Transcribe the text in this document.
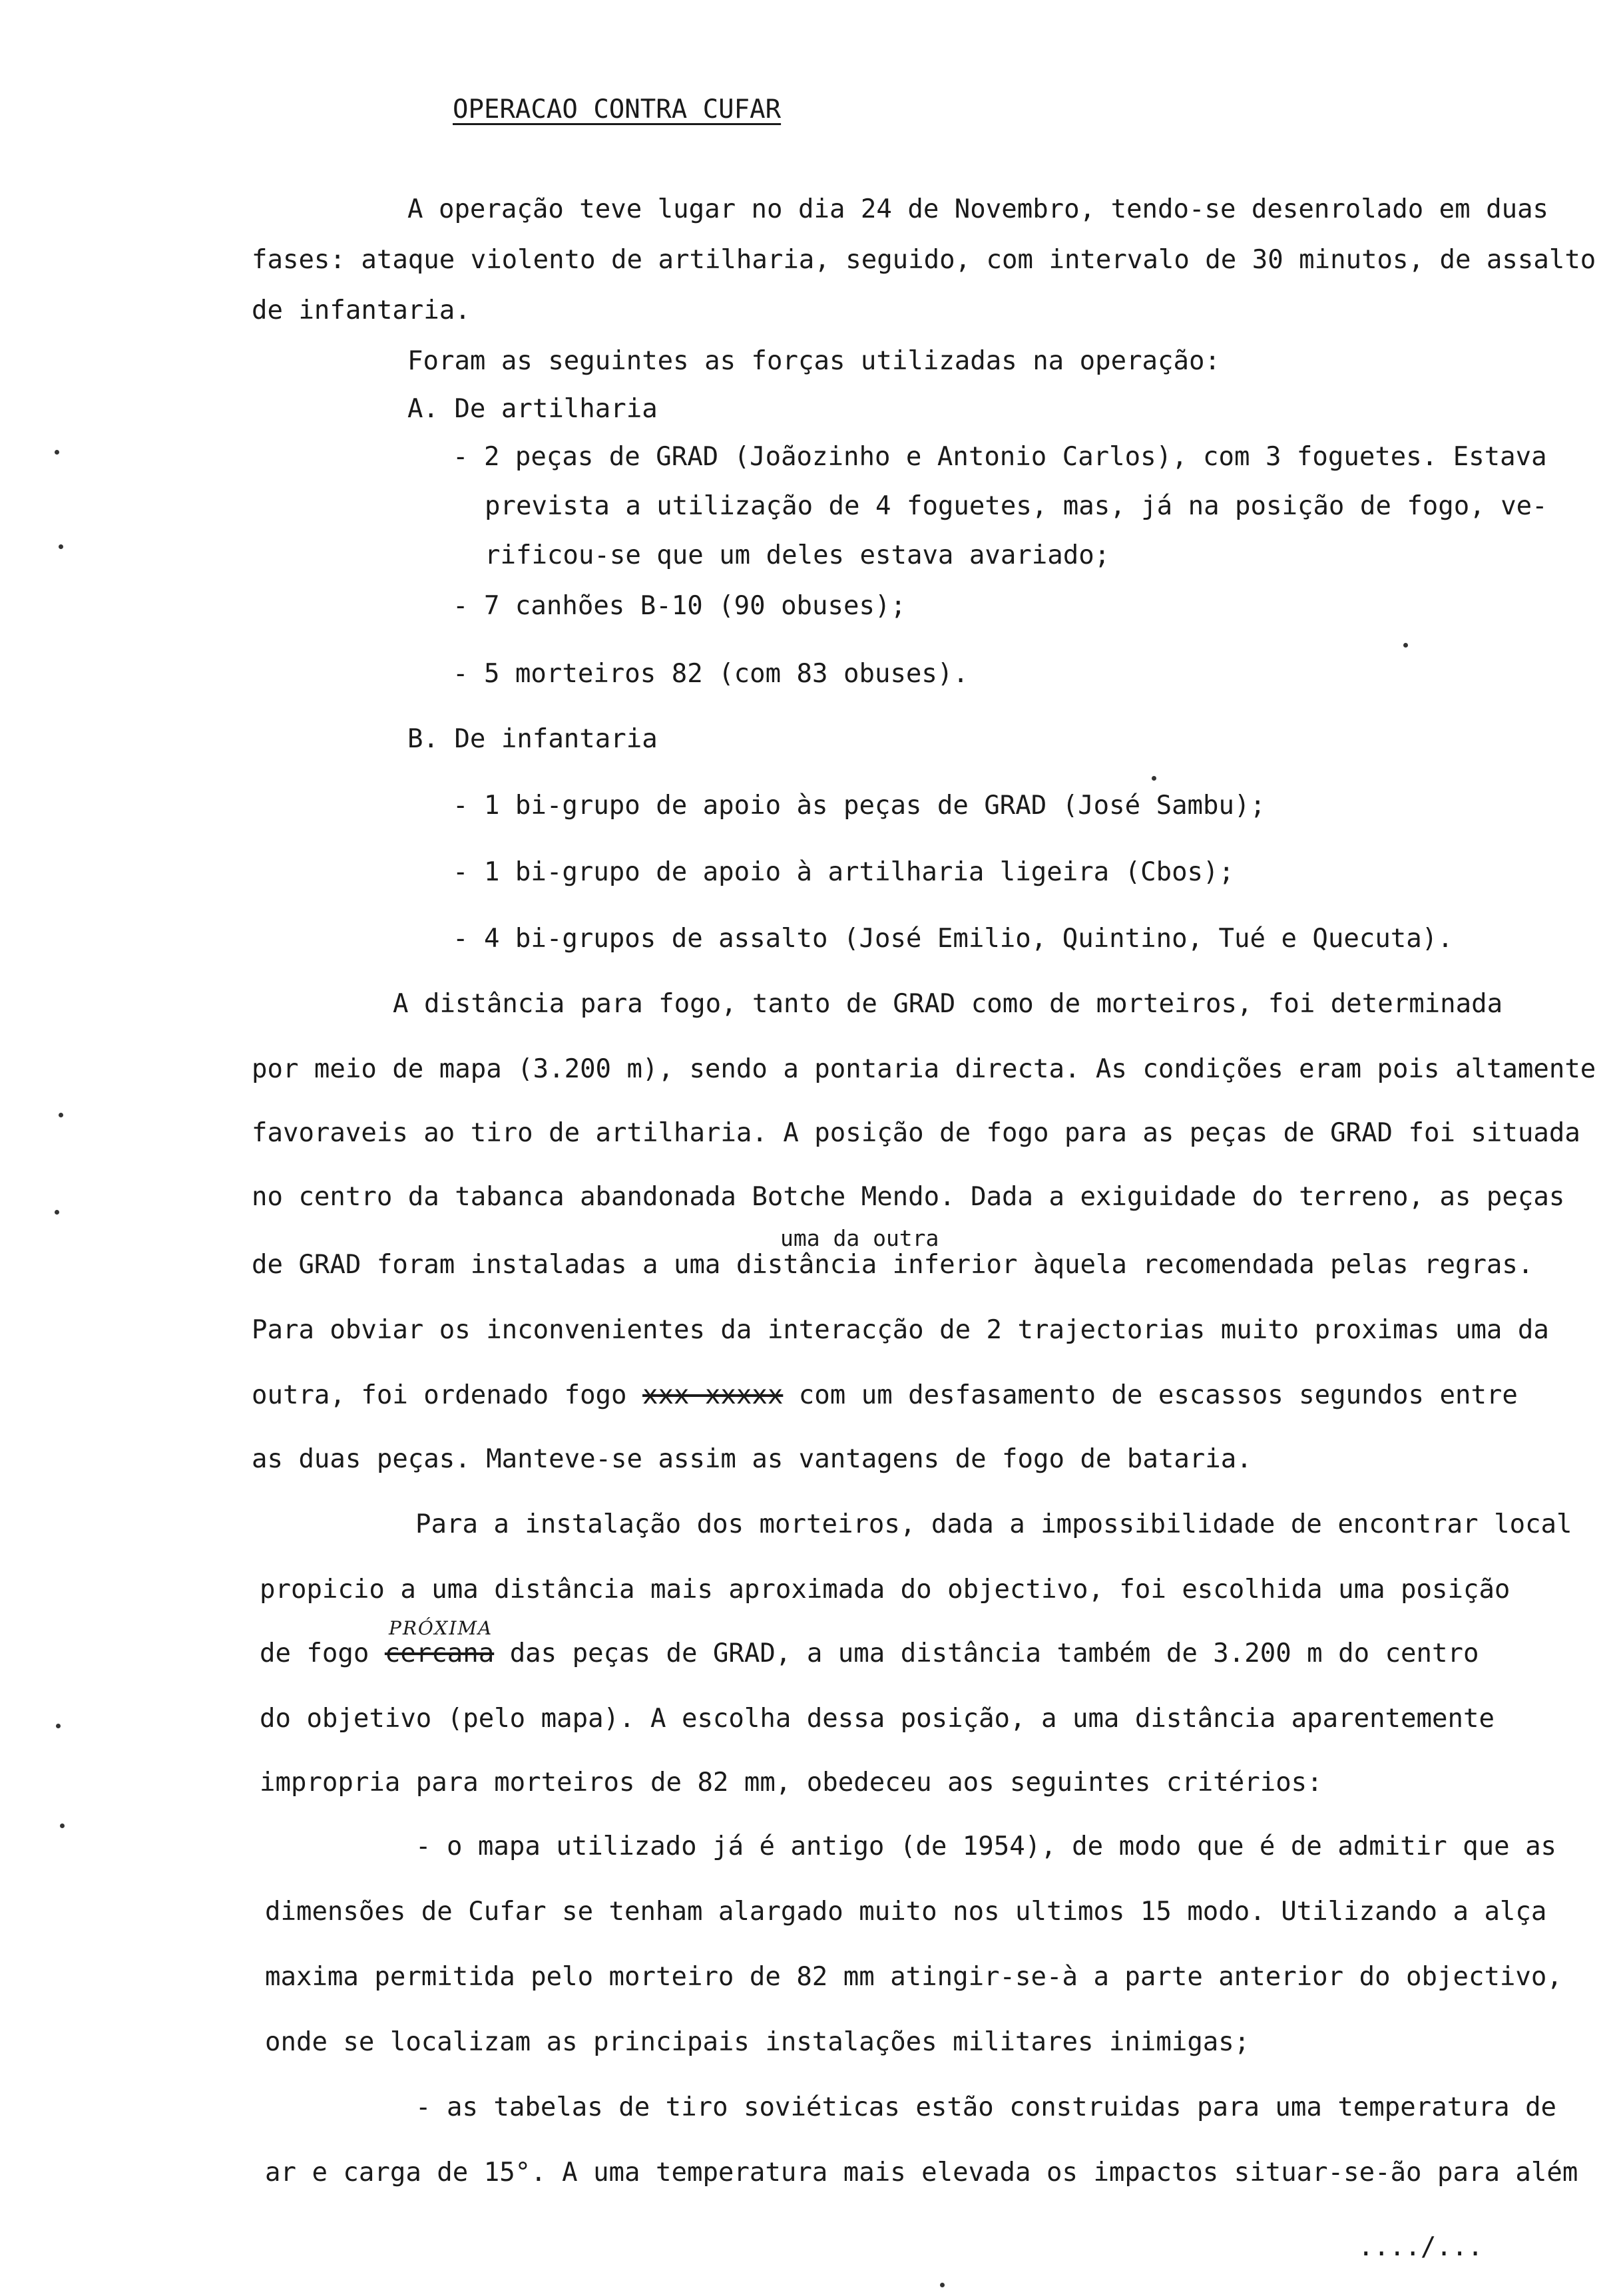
OPERACAO CONTRA CUFAR
A operação teve lugar no dia 24 de Novembro, tendo-se desenrolado em duas
fases: ataque violento de artilharia, seguido, com intervalo de 30 minutos, de assalto
de infantaria.
Foram as seguintes as forças utilizadas na operação:
A. De artilharia
- 2 peças de GRAD (Joãozinho e Antonio Carlos), com 3 foguetes. Estava
prevista a utilização de 4 foguetes, mas, já na posição de fogo, ve-
rificou-se que um deles estava avariado;
- 7 canhões B-10 (90 obuses);
- 5 morteiros 82 (com 83 obuses).
B. De infantaria
- 1 bi-grupo de apoio às peças de GRAD (José Sambu);
- 1 bi-grupo de apoio à artilharia ligeira (Cbos);
- 4 bi-grupos de assalto (José Emilio, Quintino, Tué e Quecuta).
A distância para fogo, tanto de GRAD como de morteiros, foi determinada
por meio de mapa (3.200 m), sendo a pontaria directa. As condições eram pois altamente
favoraveis ao tiro de artilharia. A posição de fogo para as peças de GRAD foi situada
no centro da tabanca abandonada Botche Mendo. Dada a exiguidade do terreno, as peças
uma da outra
de GRAD foram instaladas a uma distância inferior àquela recomendada pelas regras.
Para obviar os inconvenientes da interacção de 2 trajectorias muito proximas uma da
outra, foi ordenado fogo xxx xxxxx com um desfasamento de escassos segundos entre
as duas peças. Manteve-se assim as vantagens de fogo de bataria.
Para a instalação dos morteiros, dada a impossibilidade de encontrar local
propicio a uma distância mais aproximada do objectivo, foi escolhida uma posição
PRÓXIMA
de fogo cercana das peças de GRAD, a uma distância também de 3.200 m do centro
do objetivo (pelo mapa). A escolha dessa posição, a uma distância aparentemente
impropria para morteiros de 82 mm, obedeceu aos seguintes critérios:
- o mapa utilizado já é antigo (de 1954), de modo que é de admitir que as
dimensões de Cufar se tenham alargado muito nos ultimos 15 modo. Utilizando a alça
maxima permitida pelo morteiro de 82 mm atingir-se-à a parte anterior do objectivo,
onde se localizam as principais instalações militares inimigas;
- as tabelas de tiro soviéticas estão construidas para uma temperatura de
ar e carga de 15°. A uma temperatura mais elevada os impactos situar-se-ão para além
..../...
